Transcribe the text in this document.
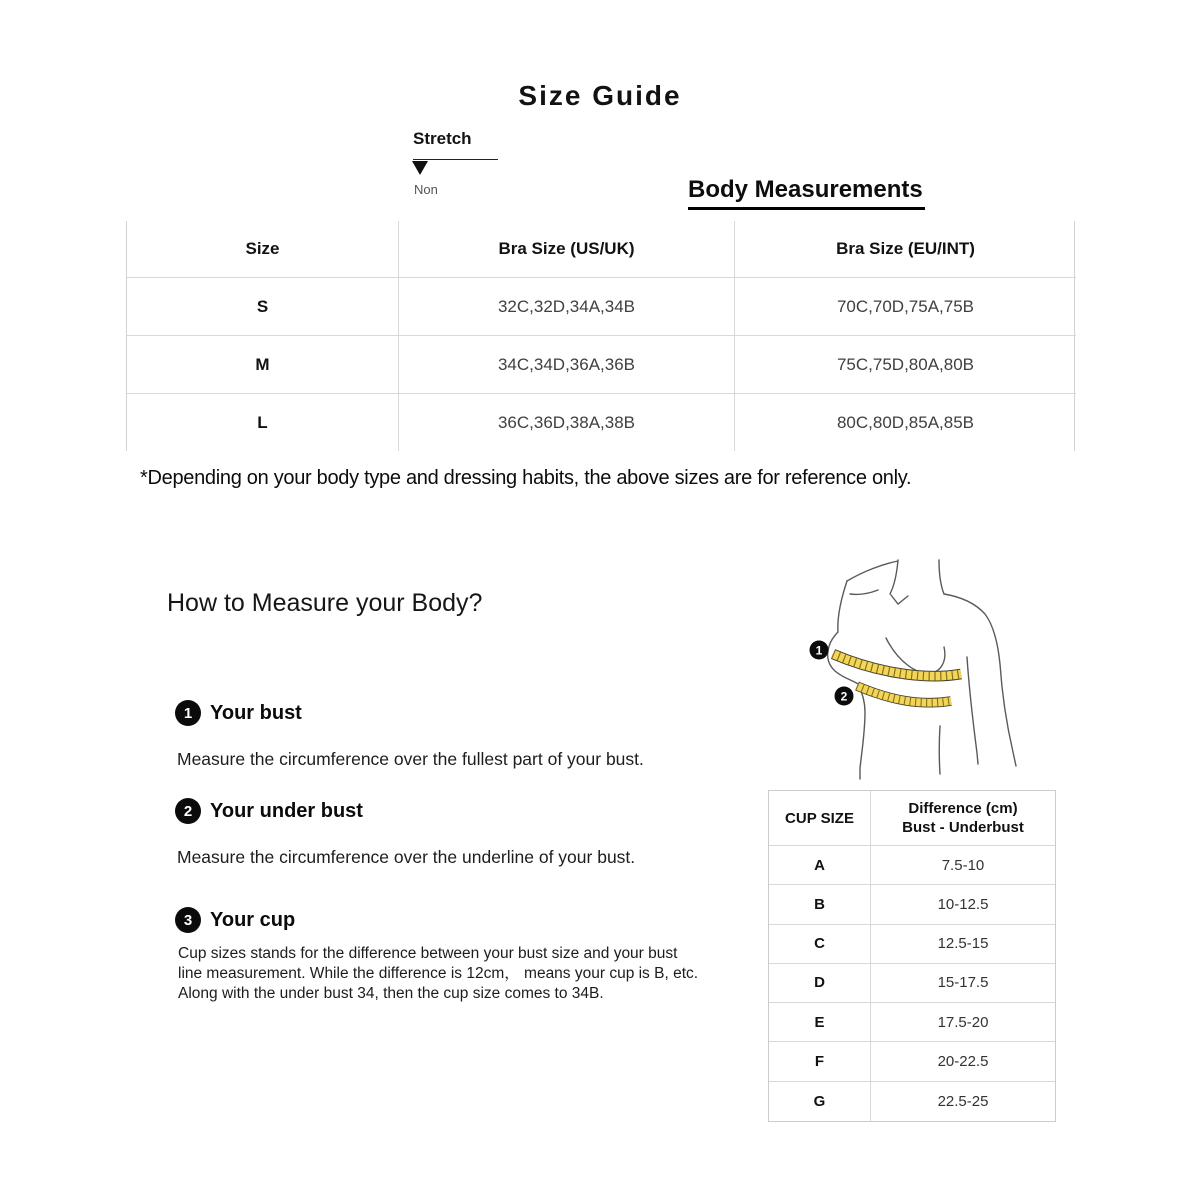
Size Guide
Stretch
Non	Body Measurements
Size	Bra Size (US/UK)	Bra Size (EU/INT)
S	32C,32D,34A,34B	70C,70D,75A,75B
M	34C,34D,36A,36B	75C,75D,80A,80B
L	36C,36D,38A,38B	80C,80D,85A,85B
*Depending on your body type and dressing habits, the above sizes are for reference only.
How to Measure your Body?
1 Your bust
Measure the circumference over the fullest part of your bust.
2 Your under bust
Measure the circumference over the underline of your bust.
3 Your cup
Cup sizes stands for the difference between your bust size and your bust
line measurement. While the difference is 12cm， means your cup is B, etc.
Along with the under bust 34, then the cup size comes to 34B.
1
2
CUP SIZE
Difference (cm)
Bust - Underbust
A	7.5-10
B	10-12.5
C	12.5-15
D	15-17.5
E	17.5-20
F	20-22.5
G	22.5-25
